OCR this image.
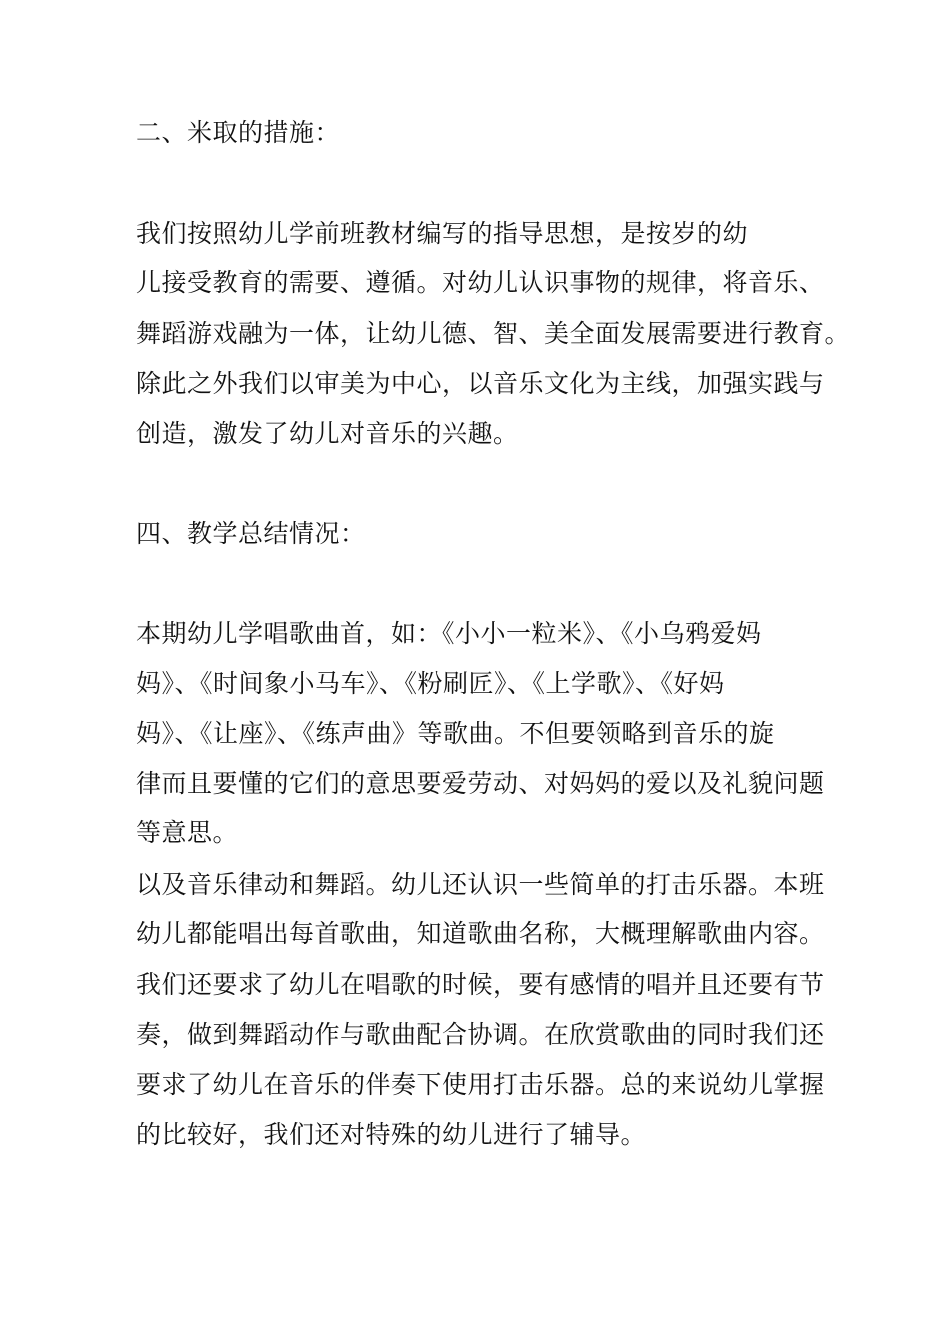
二、米取的措施：
我们按照幼儿学前班教材编写的指导思想，是按岁的幼
儿接受教育的需要、遵循。对幼儿认识事物的规律，将音乐、
舞蹈游戏融为一体，让幼儿德、智、美全面发展需要进行教育。
除此之外我们以审美为中心，以音乐文化为主线，加强实践与
创造，激发了幼儿对音乐的兴趣。
四、教学总结情况：
本期幼儿学唱歌曲首，如：《小小一粒米》、《小乌鸦爱妈
妈》、《时间象小马车》、《粉刷匠》、《上学歌》、《好妈
妈》、《让座》、《练声曲》等歌曲。不但要领略到音乐的旋
律而且要懂的它们的意思要爱劳动、对妈妈的爱以及礼貌问题
等意思。
以及音乐律动和舞蹈。幼儿还认识一些简单的打击乐器。本班
幼儿都能唱出每首歌曲，知道歌曲名称，大概理解歌曲内容。
我们还要求了幼儿在唱歌的时候，要有感情的唱并且还要有节
奏，做到舞蹈动作与歌曲配合协调。在欣赏歌曲的同时我们还
要求了幼儿在音乐的伴奏下使用打击乐器。总的来说幼儿掌握
的比较好，我们还对特殊的幼儿进行了辅导。
